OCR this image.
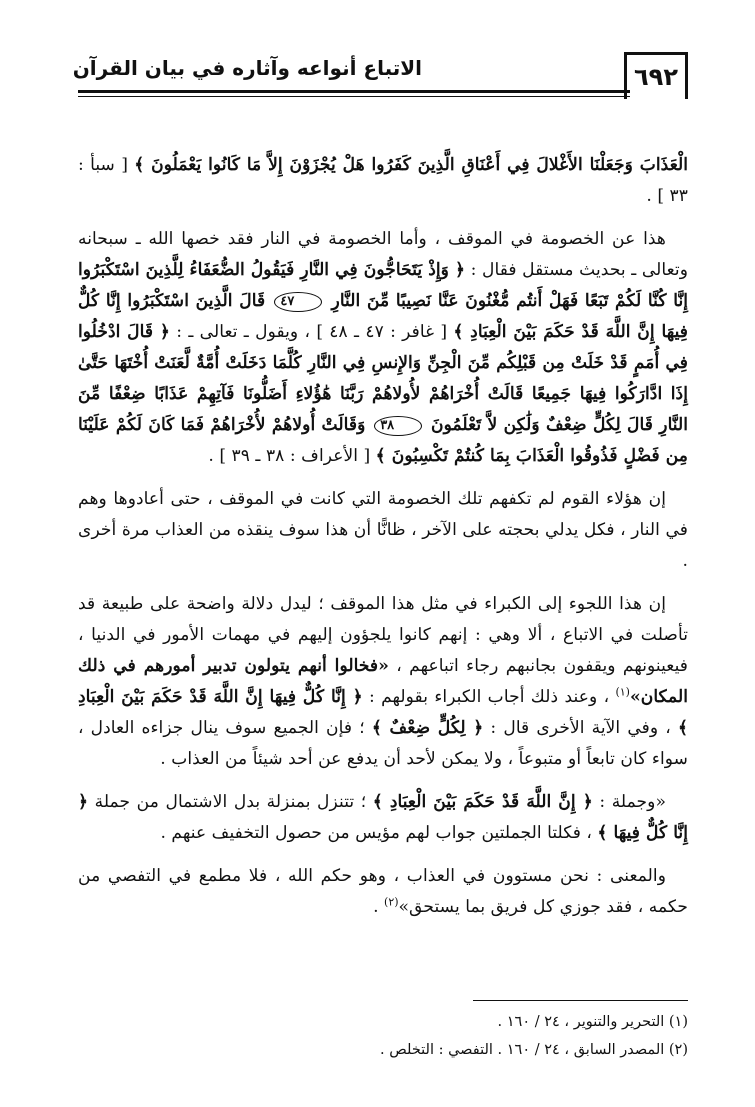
٦٩٢
الاتباع أنواعه وآثاره في بيان القرآن

الْعَذَابَ وَجَعَلْنَا الأَغْلالَ فِي أَعْنَاقِ الَّذِينَ كَفَرُوا هَلْ يُجْزَوْنَ إِلاَّ مَا كَانُوا يَعْمَلُونَ ﴾ [ سبأ : ٣٣ ] .

هذا عن الخصومة في الموقف ، وأما الخصومة في النار فقد خصها الله ـ سبحانه وتعالى ـ بحديث مستقل فقال : ﴿ وَإِذْ يَتَحَاجُّونَ فِي النَّارِ فَيَقُولُ الضُّعَفَاءُ لِلَّذِينَ اسْتَكْبَرُوا إِنَّا كُنَّا لَكُمْ تَبَعًا فَهَلْ أَنتُم مُّغْنُونَ عَنَّا نَصِيبًا مِّنَ النَّارِ ٤٧ قَالَ الَّذِينَ اسْتَكْبَرُوا إِنَّا كُلٌّ فِيهَا إِنَّ اللَّهَ قَدْ حَكَمَ بَيْنَ الْعِبَادِ ﴾ [ غافر : ٤٧ ـ ٤٨ ] ، ويقول ـ تعالى ـ : ﴿ قَالَ ادْخُلُوا فِي أُمَمٍ قَدْ خَلَتْ مِن قَبْلِكُم مِّنَ الْجِنِّ وَالإِنسِ فِي النَّارِ كُلَّمَا دَخَلَتْ أُمَّةٌ لَّعَنَتْ أُخْتَهَا حَتَّىٰ إِذَا ادَّارَكُوا فِيهَا جَمِيعًا قَالَتْ أُخْرَاهُمْ لأُولاهُمْ رَبَّنَا هَٰؤُلاءِ أَضَلُّونَا فَآتِهِمْ عَذَابًا ضِعْفًا مِّنَ النَّارِ قَالَ لِكُلٍّ ضِعْفٌ وَلَٰكِن لاَّ تَعْلَمُونَ ٣٨ وَقَالَتْ أُولاهُمْ لأُخْرَاهُمْ فَمَا كَانَ لَكُمْ عَلَيْنَا مِن فَضْلٍ فَذُوقُوا الْعَذَابَ بِمَا كُنتُمْ تَكْسِبُونَ ﴾ [ الأعراف : ٣٨ ـ ٣٩ ] .

إن هؤلاء القوم لم تكفهم تلك الخصومة التي كانت في الموقف ، حتى أعادوها وهم في النار ، فكل يدلي بحجته على الآخر ، ظانًّا أن هذا سوف ينقذه من العذاب مرة أخرى .

إن هذا اللجوء إلى الكبراء في مثل هذا الموقف ؛ ليدل دلالة واضحة على طبيعة قد تأصلت في الاتباع ، ألا وهي : إنهم كانوا يلجؤون إليهم في مهمات الأمور في الدنيا ، فيعينونهم ويقفون بجانبهم رجاء اتباعهم ، «فخالوا أنهم يتولون تدبير أمورهم في ذلك المكان»$^{(١)}$ ، وعند ذلك أجاب الكبراء بقولهم : ﴿ إِنَّا كُلٌّ فِيهَا إِنَّ اللَّهَ قَدْ حَكَمَ بَيْنَ الْعِبَادِ ﴾ ، وفي الآية الأخرى قال : ﴿ لِكُلٍّ ضِعْفٌ ﴾ ؛ فإن الجميع سوف ينال جزاءه العادل ، سواء كان تابعاً أو متبوعاً ، ولا يمكن لأحد أن يدفع عن أحد شيئاً من العذاب .

«وجملة : ﴿ إِنَّ اللَّهَ قَدْ حَكَمَ بَيْنَ الْعِبَادِ ﴾ ؛ تتنزل بمنزلة بدل الاشتمال من جملة ﴿ إِنَّا كُلٌّ فِيهَا ﴾ ، فكلتا الجملتين جواب لهم مؤيس من حصول التخفيف عنهم .

والمعنى : نحن مستوون في العذاب ، وهو حكم الله ، فلا مطمع في التفصي من حكمه ، فقد جوزي كل فريق بما يستحق»$^{(٢)}$ .

(١) التحرير والتنوير ، ٢٤ / ١٦٠ .

(٢) المصدر السابق ، ٢٤ / ١٦٠ . التفصي : التخلص .
